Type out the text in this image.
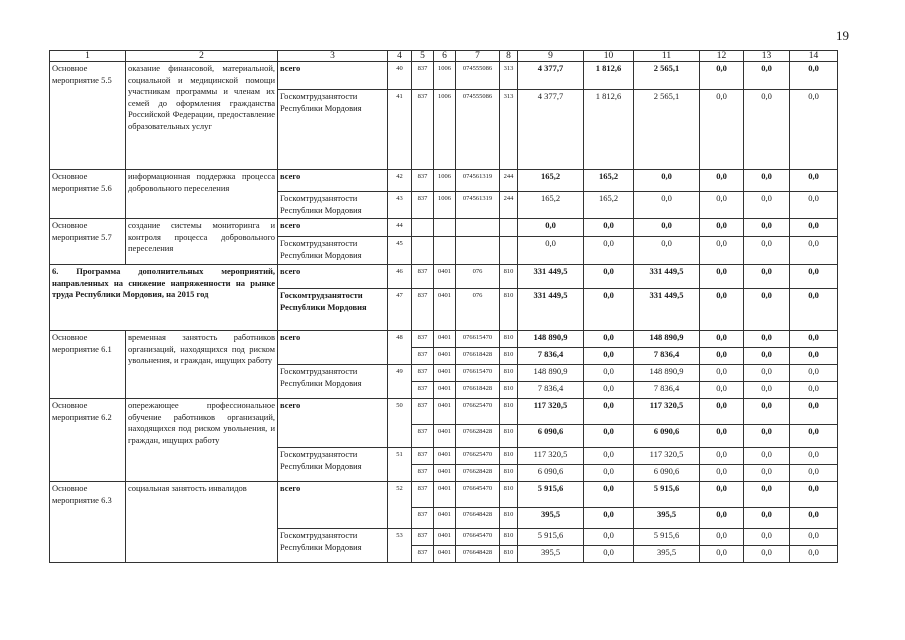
19
1	2	3	4	5	6	7	8	9	10	11	12	13	14
Основное мероприятие 5.5	оказание финансовой, материальной, социальной и медицинской помощи участникам программы и членам их семей до оформления гражданства Российской Федерации, предоставление образовательных услуг	всего	40	837	1006	074555086	313	4 377,7	1 812,6	2 565,1	0,0	0,0	0,0
		Госкомтрудзанятости Республики Мордовия	41	837	1006	074555086	313	4 377,7	1 812,6	2 565,1	0,0	0,0	0,0
Основное мероприятие 5.6	информационная поддержка процесса добровольного переселения	всего	42	837	1006	074561319	244	165,2	165,2	0,0	0,0	0,0	0,0
		Госкомтрудзанятости Республики Мордовия	43	837	1006	074561319	244	165,2	165,2	0,0	0,0	0,0	0,0
Основное мероприятие 5.7	создание системы мониторинга и контроля процесса добровольного переселения	всего	44					0,0	0,0	0,0	0,0	0,0	0,0
		Госкомтрудзанятости Республики Мордовия	45					0,0	0,0	0,0	0,0	0,0	0,0
6. Программа дополнительных мероприятий, направленных на снижение напряженности на рынке труда Республики Мордовия, на 2015 год		всего	46	837	0401	076	810	331 449,5	0,0	331 449,5	0,0	0,0	0,0
		Госкомтрудзанятости Республики Мордовия	47	837	0401	076	810	331 449,5	0,0	331 449,5	0,0	0,0	0,0
Основное мероприятие 6.1	временная занятость работников организаций, находящихся под риском увольнения, и граждан, ищущих работу	всего	48	837	0401	076615470	810	148 890,9	0,0	148 890,9	0,0	0,0	0,0
				837	0401	076618428	810	7 836,4	0,0	7 836,4	0,0	0,0	0,0
		Госкомтрудзанятости Республики Мордовия	49	837	0401	076615470	810	148 890,9	0,0	148 890,9	0,0	0,0	0,0
				837	0401	076618428	810	7 836,4	0,0	7 836,4	0,0	0,0	0,0
Основное мероприятие 6.2	опережающее профессиональное обучение работников организаций, находящихся под риском увольнения, и граждан, ищущих работу	всего	50	837	0401	076625470	810	117 320,5	0,0	117 320,5	0,0	0,0	0,0
				837	0401	076628428	810	6 090,6	0,0	6 090,6	0,0	0,0	0,0
		Госкомтрудзанятости Республики Мордовия	51	837	0401	076625470	810	117 320,5	0,0	117 320,5	0,0	0,0	0,0
				837	0401	076628428	810	6 090,6	0,0	6 090,6	0,0	0,0	0,0
Основное мероприятие 6.3	социальная занятость инвалидов	всего	52	837	0401	076645470	810	5 915,6	0,0	5 915,6	0,0	0,0	0,0
				837	0401	076648428	810	395,5	0,0	395,5	0,0	0,0	0,0
		Госкомтрудзанятости Республики Мордовия	53	837	0401	076645470	810	5 915,6	0,0	5 915,6	0,0	0,0	0,0
				837	0401	076648428	810	395,5	0,0	395,5	0,0	0,0	0,0
